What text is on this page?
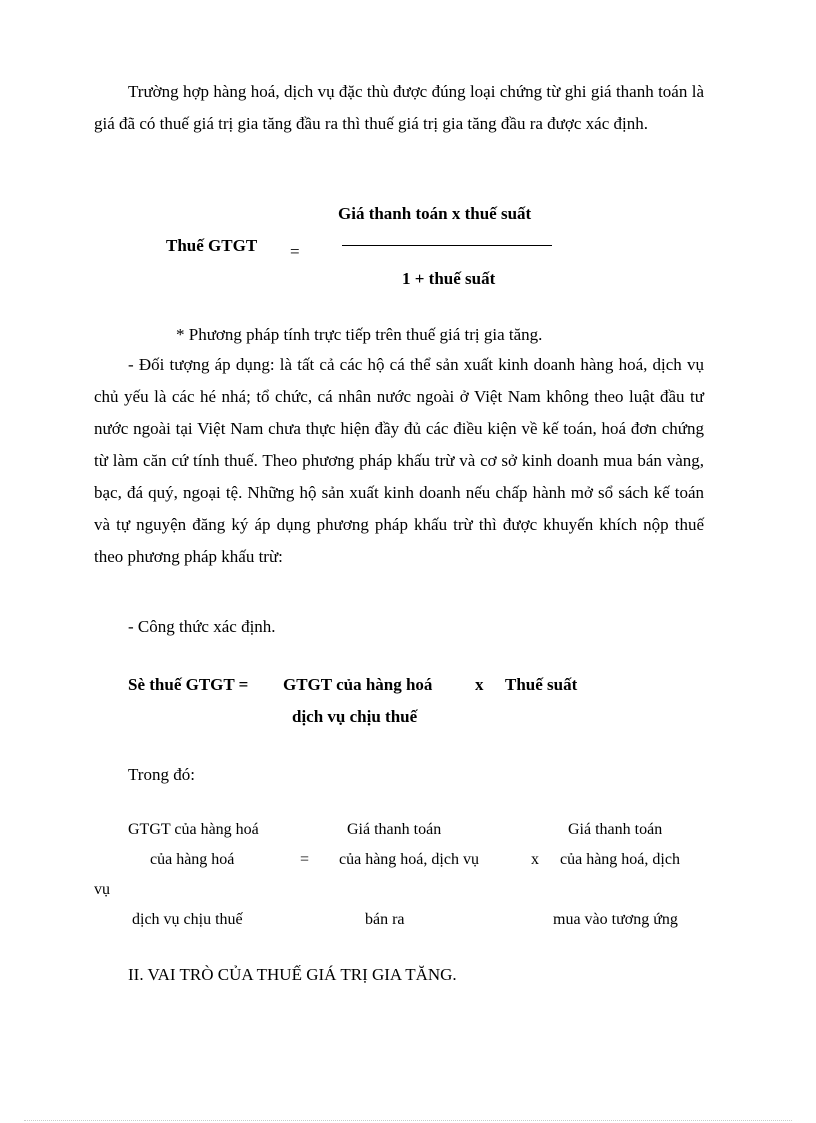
Trường hợp hàng hoá, dịch vụ đặc thù được đúng loại chứng từ ghi giá thanh toán là giá đã có thuế giá trị gia tăng đầu ra thì thuế giá trị gia tăng đầu ra được xác định.
Giá thanh toán x thuế suất
Thuế GTGT =
1 + thuế suất
* Phương pháp tính trực tiếp trên thuế giá trị gia tăng.
- Đối tượng áp dụng: là tất cả các hộ cá thể sản xuất kinh doanh hàng hoá, dịch vụ chủ yếu là các hé nhá; tổ chức, cá nhân nước ngoài ở Việt Nam không theo luật đầu tư nước ngoài tại Việt Nam chưa thực hiện đầy đủ các điều kiện về kế toán, hoá đơn chứng từ làm căn cứ tính thuế. Theo phương pháp khấu trừ và cơ sở kinh doanh mua bán vàng, bạc, đá quý, ngoại tệ. Những hộ sản xuất kinh doanh nếu chấp hành mở sổ sách kế toán và tự nguyện đăng ký áp dụng phương pháp khấu trừ thì được khuyến khích nộp thuế theo phương pháp khấu trừ:
- Công thức xác định.
Sè thuế GTGT = GTGT của hàng hoá	x Thuế suất
dịch vụ chịu thuế
Trong đó:
GTGT của hàng hoá	Giá thanh toán	Giá thanh toán
của hàng hoá	= của hàng hoá, dịch vụ	x của hàng hoá, dịch
vụ
dịch vụ chịu thuế	bán ra	mua vào tương ứng
II. VAI TRÒ CỦA THUẾ GIÁ TRỊ GIA TĂNG.
